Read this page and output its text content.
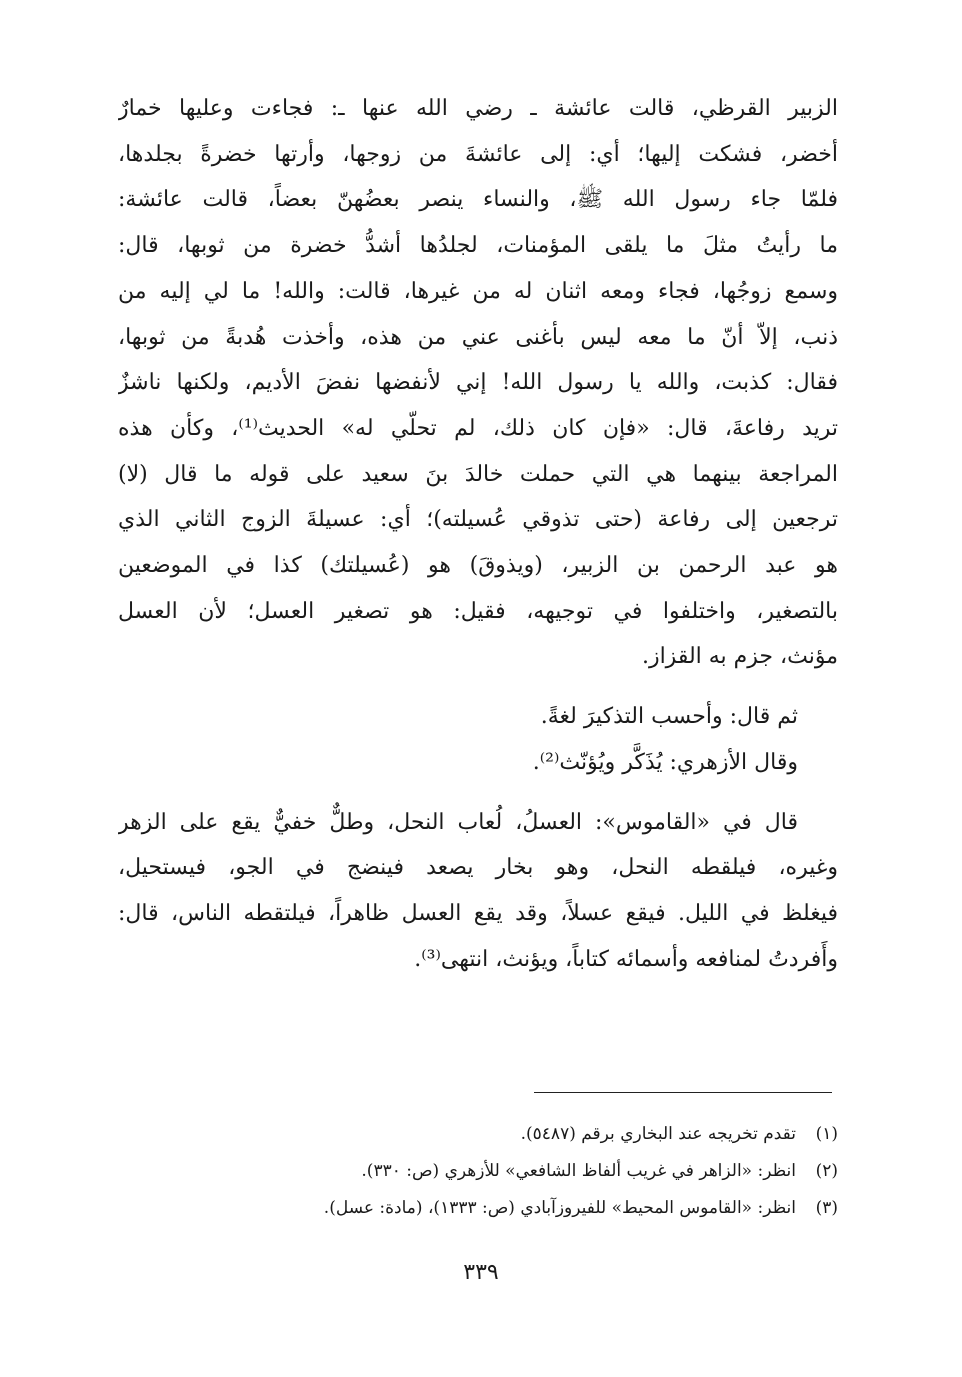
الزبير القرظي، قالت عائشة ـ رضي الله عنها ـ: فجاءت وعليها خمارٌ
أخضر، فشكت إليها؛ أي: إلى عائشةَ من زوجها، وأرتها خضرةً بجلدها،
فلمّا جاء رسول الله ﷺ، والنساء ينصر بعضُهنّ بعضاً، قالت عائشة:
ما رأيتُ مثلَ ما يلقى المؤمنات، لجلدُها أشدُّ خضرة من ثوبها، قال:
وسمع زوجُها، فجاء ومعه اثنان له من غيرها، قالت: والله! ما لي إليه من
ذنب، إلاّ أنّ ما معه ليس بأغنى عني من هذه، وأخذت هُدبةً من ثوبها،
فقال: كذبت، والله يا رسول الله! إني لأنفضها نفضَ الأديم، ولكنها ناشزٌ
تريد رفاعةَ، قال: «فإن كان ذلك، لم تحلّي له» الحديث⁽¹⁾، وكأن هذه
المراجعة بينهما هي التي حملت خالدَ بنَ سعيد على قوله ما قال (لا)
ترجعين إلى رفاعة (حتى تذوقي عُسيلته)؛ أي: عسيلةَ الزوج الثاني الذي
هو عبد الرحمن بن الزبير، (ويذوقَ) هو (عُسيلتك) كذا في الموضعين
بالتصغير، واختلفوا في توجيهه، فقيل: هو تصغير العسل؛ لأن العسل
مؤنث، جزم به القزاز.
ثم قال: وأحسب التذكيرَ لغةً.
وقال الأزهري: يُذَكَّر ويُؤنّث⁽²⁾.
قال في «القاموس»: العسلُ، لُعاب النحل، وطلٌّ خفيٌّ يقع على الزهر
وغيره، فيلقطه النحل، وهو بخار يصعد فينضج في الجو، فيستحيل،
فيغلظ في الليل. فيقع عسلاً، وقد يقع العسل ظاهراً، فيلتقطه الناس، قال:
وأَفردتُ لمنافعه وأسمائه كتاباً، ويؤنث، انتهى⁽³⁾.
(١)تقدم تخريجه عند البخاري برقم (٥٤٨٧).
(٢)انظر: «الزاهر في غريب ألفاظ الشافعي» للأزهري (ص: ٣٣٠).
(٣)انظر: «القاموس المحيط» للفيروزآبادي (ص: ١٣٣٣)، (مادة: عسل).
٣٣٩
